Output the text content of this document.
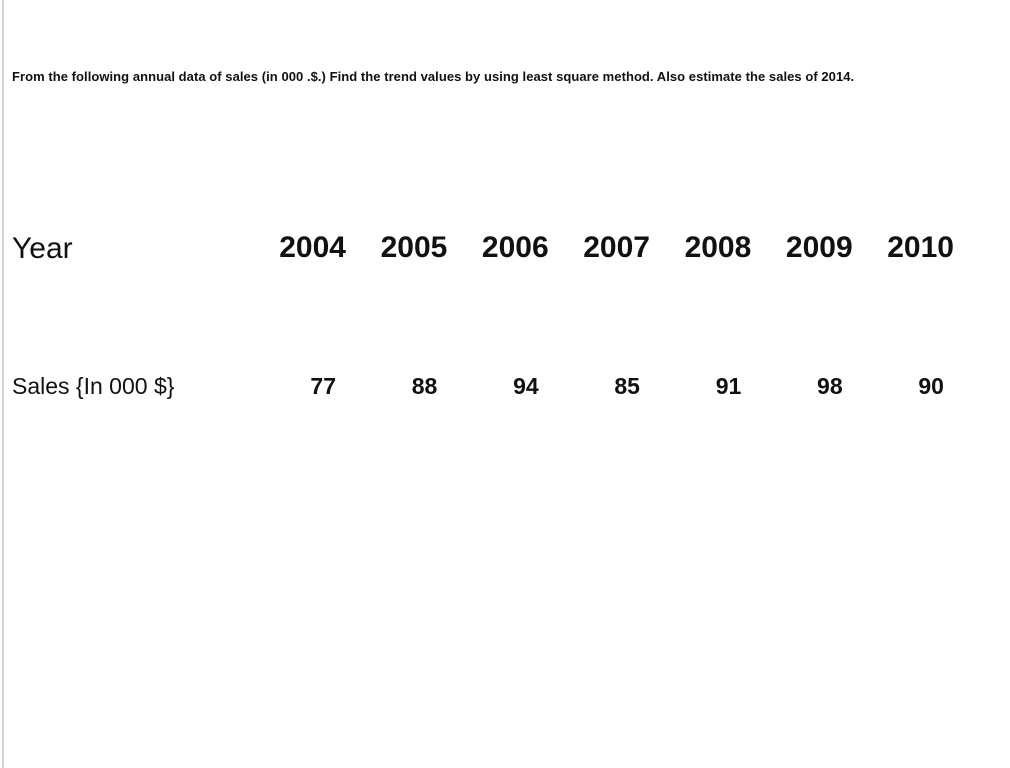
From the following annual data of sales (in 000 .$.) Find the trend values by using least square method. Also estimate the sales of 2014.
Year	2004	2005	2006	2007	2008	2009	2010
Sales {In 000 $}	77	88	94	85	91	98	90
